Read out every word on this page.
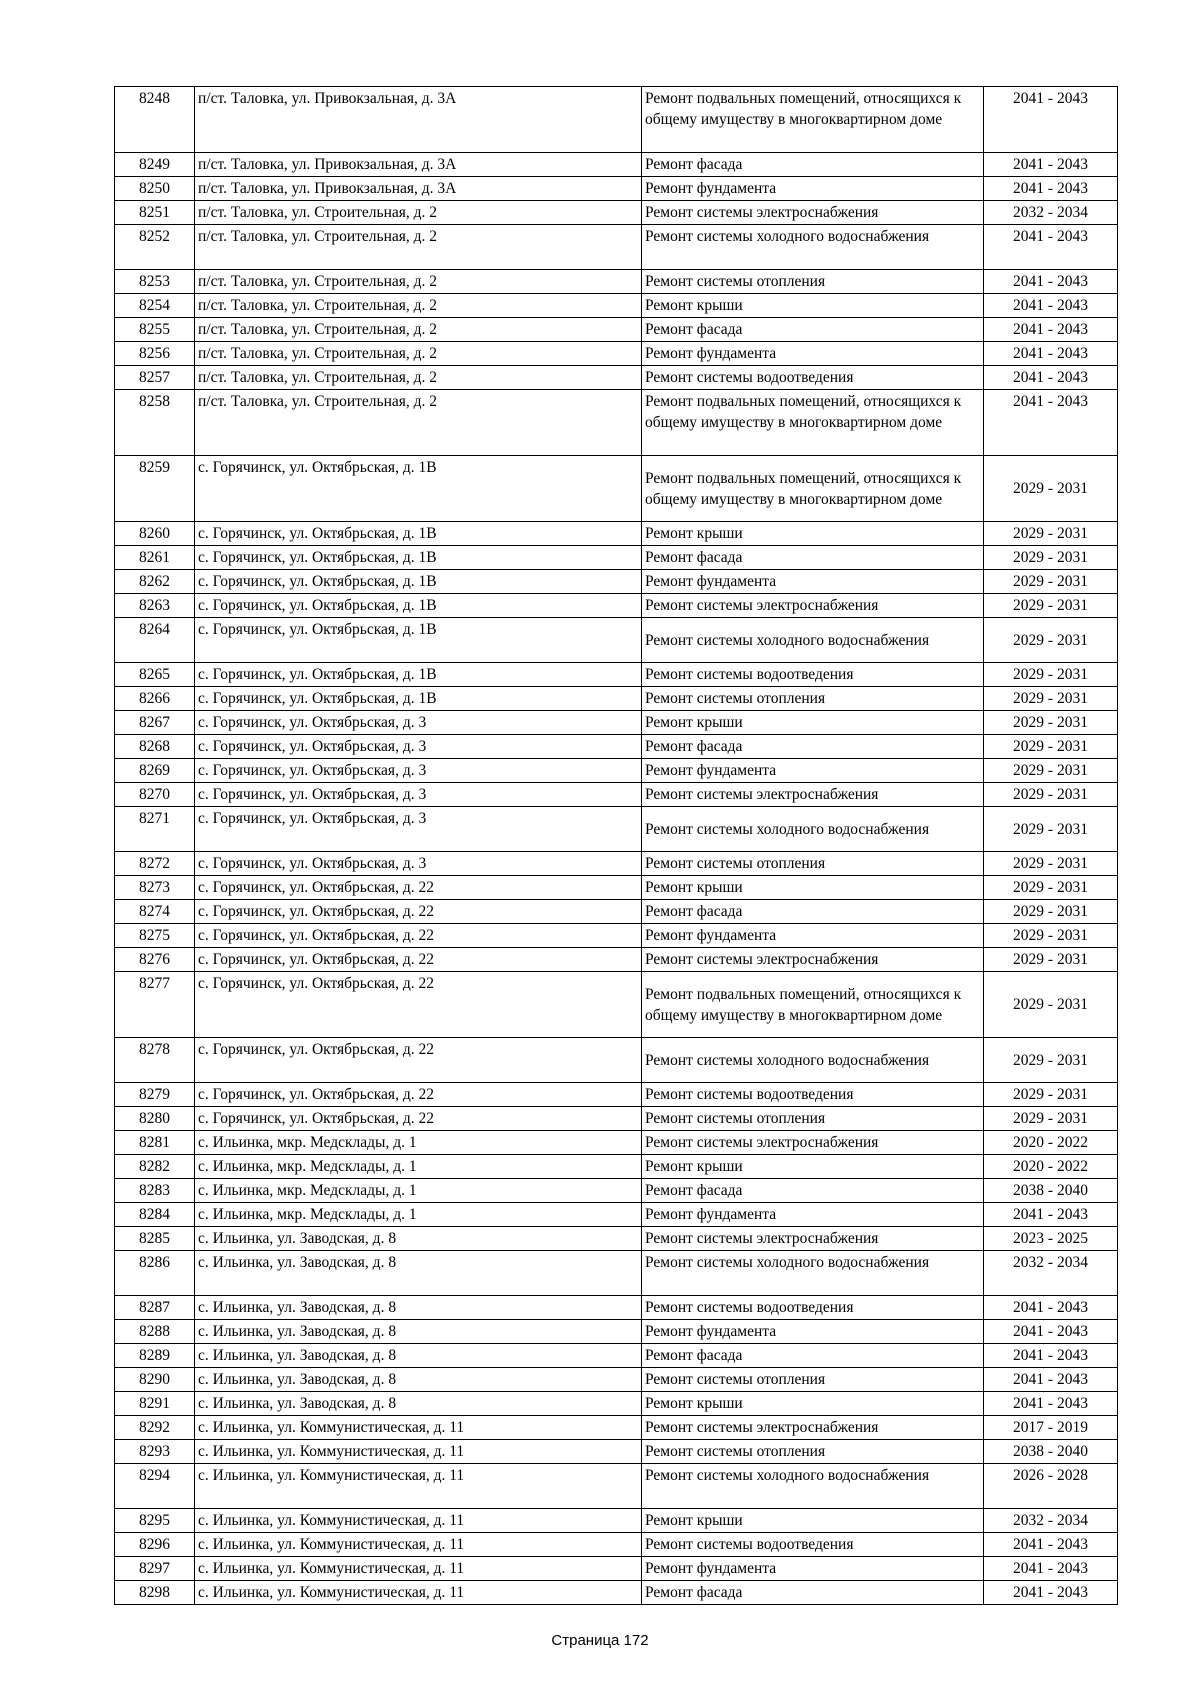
8248	п/ст. Таловка, ул. Привокзальная, д. 3А	Ремонт подвальных помещений, относящихся к общему имуществу в многоквартирном доме	2041 - 2043
8249	п/ст. Таловка, ул. Привокзальная, д. 3А	Ремонт фасада	2041 - 2043
8250	п/ст. Таловка, ул. Привокзальная, д. 3А	Ремонт фундамента	2041 - 2043
8251	п/ст. Таловка, ул. Строительная, д. 2	Ремонт системы электроснабжения	2032 - 2034
8252	п/ст. Таловка, ул. Строительная, д. 2	Ремонт системы холодного водоснабжения	2041 - 2043
8253	п/ст. Таловка, ул. Строительная, д. 2	Ремонт системы отопления	2041 - 2043
8254	п/ст. Таловка, ул. Строительная, д. 2	Ремонт крыши	2041 - 2043
8255	п/ст. Таловка, ул. Строительная, д. 2	Ремонт фасада	2041 - 2043
8256	п/ст. Таловка, ул. Строительная, д. 2	Ремонт фундамента	2041 - 2043
8257	п/ст. Таловка, ул. Строительная, д. 2	Ремонт системы водоотведения	2041 - 2043
8258	п/ст. Таловка, ул. Строительная, д. 2	Ремонт подвальных помещений, относящихся к общему имуществу в многоквартирном доме	2041 - 2043
8259	с. Горячинск, ул. Октябрьская, д. 1В	Ремонт подвальных помещений, относящихся к общему имуществу в многоквартирном доме	2029 - 2031
8260	с. Горячинск, ул. Октябрьская, д. 1В	Ремонт крыши	2029 - 2031
8261	с. Горячинск, ул. Октябрьская, д. 1В	Ремонт фасада	2029 - 2031
8262	с. Горячинск, ул. Октябрьская, д. 1В	Ремонт фундамента	2029 - 2031
8263	с. Горячинск, ул. Октябрьская, д. 1В	Ремонт системы электроснабжения	2029 - 2031
8264	с. Горячинск, ул. Октябрьская, д. 1В	Ремонт системы холодного водоснабжения	2029 - 2031
8265	с. Горячинск, ул. Октябрьская, д. 1В	Ремонт системы водоотведения	2029 - 2031
8266	с. Горячинск, ул. Октябрьская, д. 1В	Ремонт системы отопления	2029 - 2031
8267	с. Горячинск, ул. Октябрьская, д. 3	Ремонт крыши	2029 - 2031
8268	с. Горячинск, ул. Октябрьская, д. 3	Ремонт фасада	2029 - 2031
8269	с. Горячинск, ул. Октябрьская, д. 3	Ремонт фундамента	2029 - 2031
8270	с. Горячинск, ул. Октябрьская, д. 3	Ремонт системы электроснабжения	2029 - 2031
8271	с. Горячинск, ул. Октябрьская, д. 3	Ремонт системы холодного водоснабжения	2029 - 2031
8272	с. Горячинск, ул. Октябрьская, д. 3	Ремонт системы отопления	2029 - 2031
8273	с. Горячинск, ул. Октябрьская, д. 22	Ремонт крыши	2029 - 2031
8274	с. Горячинск, ул. Октябрьская, д. 22	Ремонт фасада	2029 - 2031
8275	с. Горячинск, ул. Октябрьская, д. 22	Ремонт фундамента	2029 - 2031
8276	с. Горячинск, ул. Октябрьская, д. 22	Ремонт системы электроснабжения	2029 - 2031
8277	с. Горячинск, ул. Октябрьская, д. 22	Ремонт подвальных помещений, относящихся к общему имуществу в многоквартирном доме	2029 - 2031
8278	с. Горячинск, ул. Октябрьская, д. 22	Ремонт системы холодного водоснабжения	2029 - 2031
8279	с. Горячинск, ул. Октябрьская, д. 22	Ремонт системы водоотведения	2029 - 2031
8280	с. Горячинск, ул. Октябрьская, д. 22	Ремонт системы отопления	2029 - 2031
8281	с. Ильинка, мкр. Медсклады, д. 1	Ремонт системы электроснабжения	2020 - 2022
8282	с. Ильинка, мкр. Медсклады, д. 1	Ремонт крыши	2020 - 2022
8283	с. Ильинка, мкр. Медсклады, д. 1	Ремонт фасада	2038 - 2040
8284	с. Ильинка, мкр. Медсклады, д. 1	Ремонт фундамента	2041 - 2043
8285	с. Ильинка, ул. Заводская, д. 8	Ремонт системы электроснабжения	2023 - 2025
8286	с. Ильинка, ул. Заводская, д. 8	Ремонт системы холодного водоснабжения	2032 - 2034
8287	с. Ильинка, ул. Заводская, д. 8	Ремонт системы водоотведения	2041 - 2043
8288	с. Ильинка, ул. Заводская, д. 8	Ремонт фундамента	2041 - 2043
8289	с. Ильинка, ул. Заводская, д. 8	Ремонт фасада	2041 - 2043
8290	с. Ильинка, ул. Заводская, д. 8	Ремонт системы отопления	2041 - 2043
8291	с. Ильинка, ул. Заводская, д. 8	Ремонт крыши	2041 - 2043
8292	с. Ильинка, ул. Коммунистическая, д. 11	Ремонт системы электроснабжения	2017 - 2019
8293	с. Ильинка, ул. Коммунистическая, д. 11	Ремонт системы отопления	2038 - 2040
8294	с. Ильинка, ул. Коммунистическая, д. 11	Ремонт системы холодного водоснабжения	2026 - 2028
8295	с. Ильинка, ул. Коммунистическая, д. 11	Ремонт крыши	2032 - 2034
8296	с. Ильинка, ул. Коммунистическая, д. 11	Ремонт системы водоотведения	2041 - 2043
8297	с. Ильинка, ул. Коммунистическая, д. 11	Ремонт фундамента	2041 - 2043
8298	с. Ильинка, ул. Коммунистическая, д. 11	Ремонт фасада	2041 - 2043
Страница 172
